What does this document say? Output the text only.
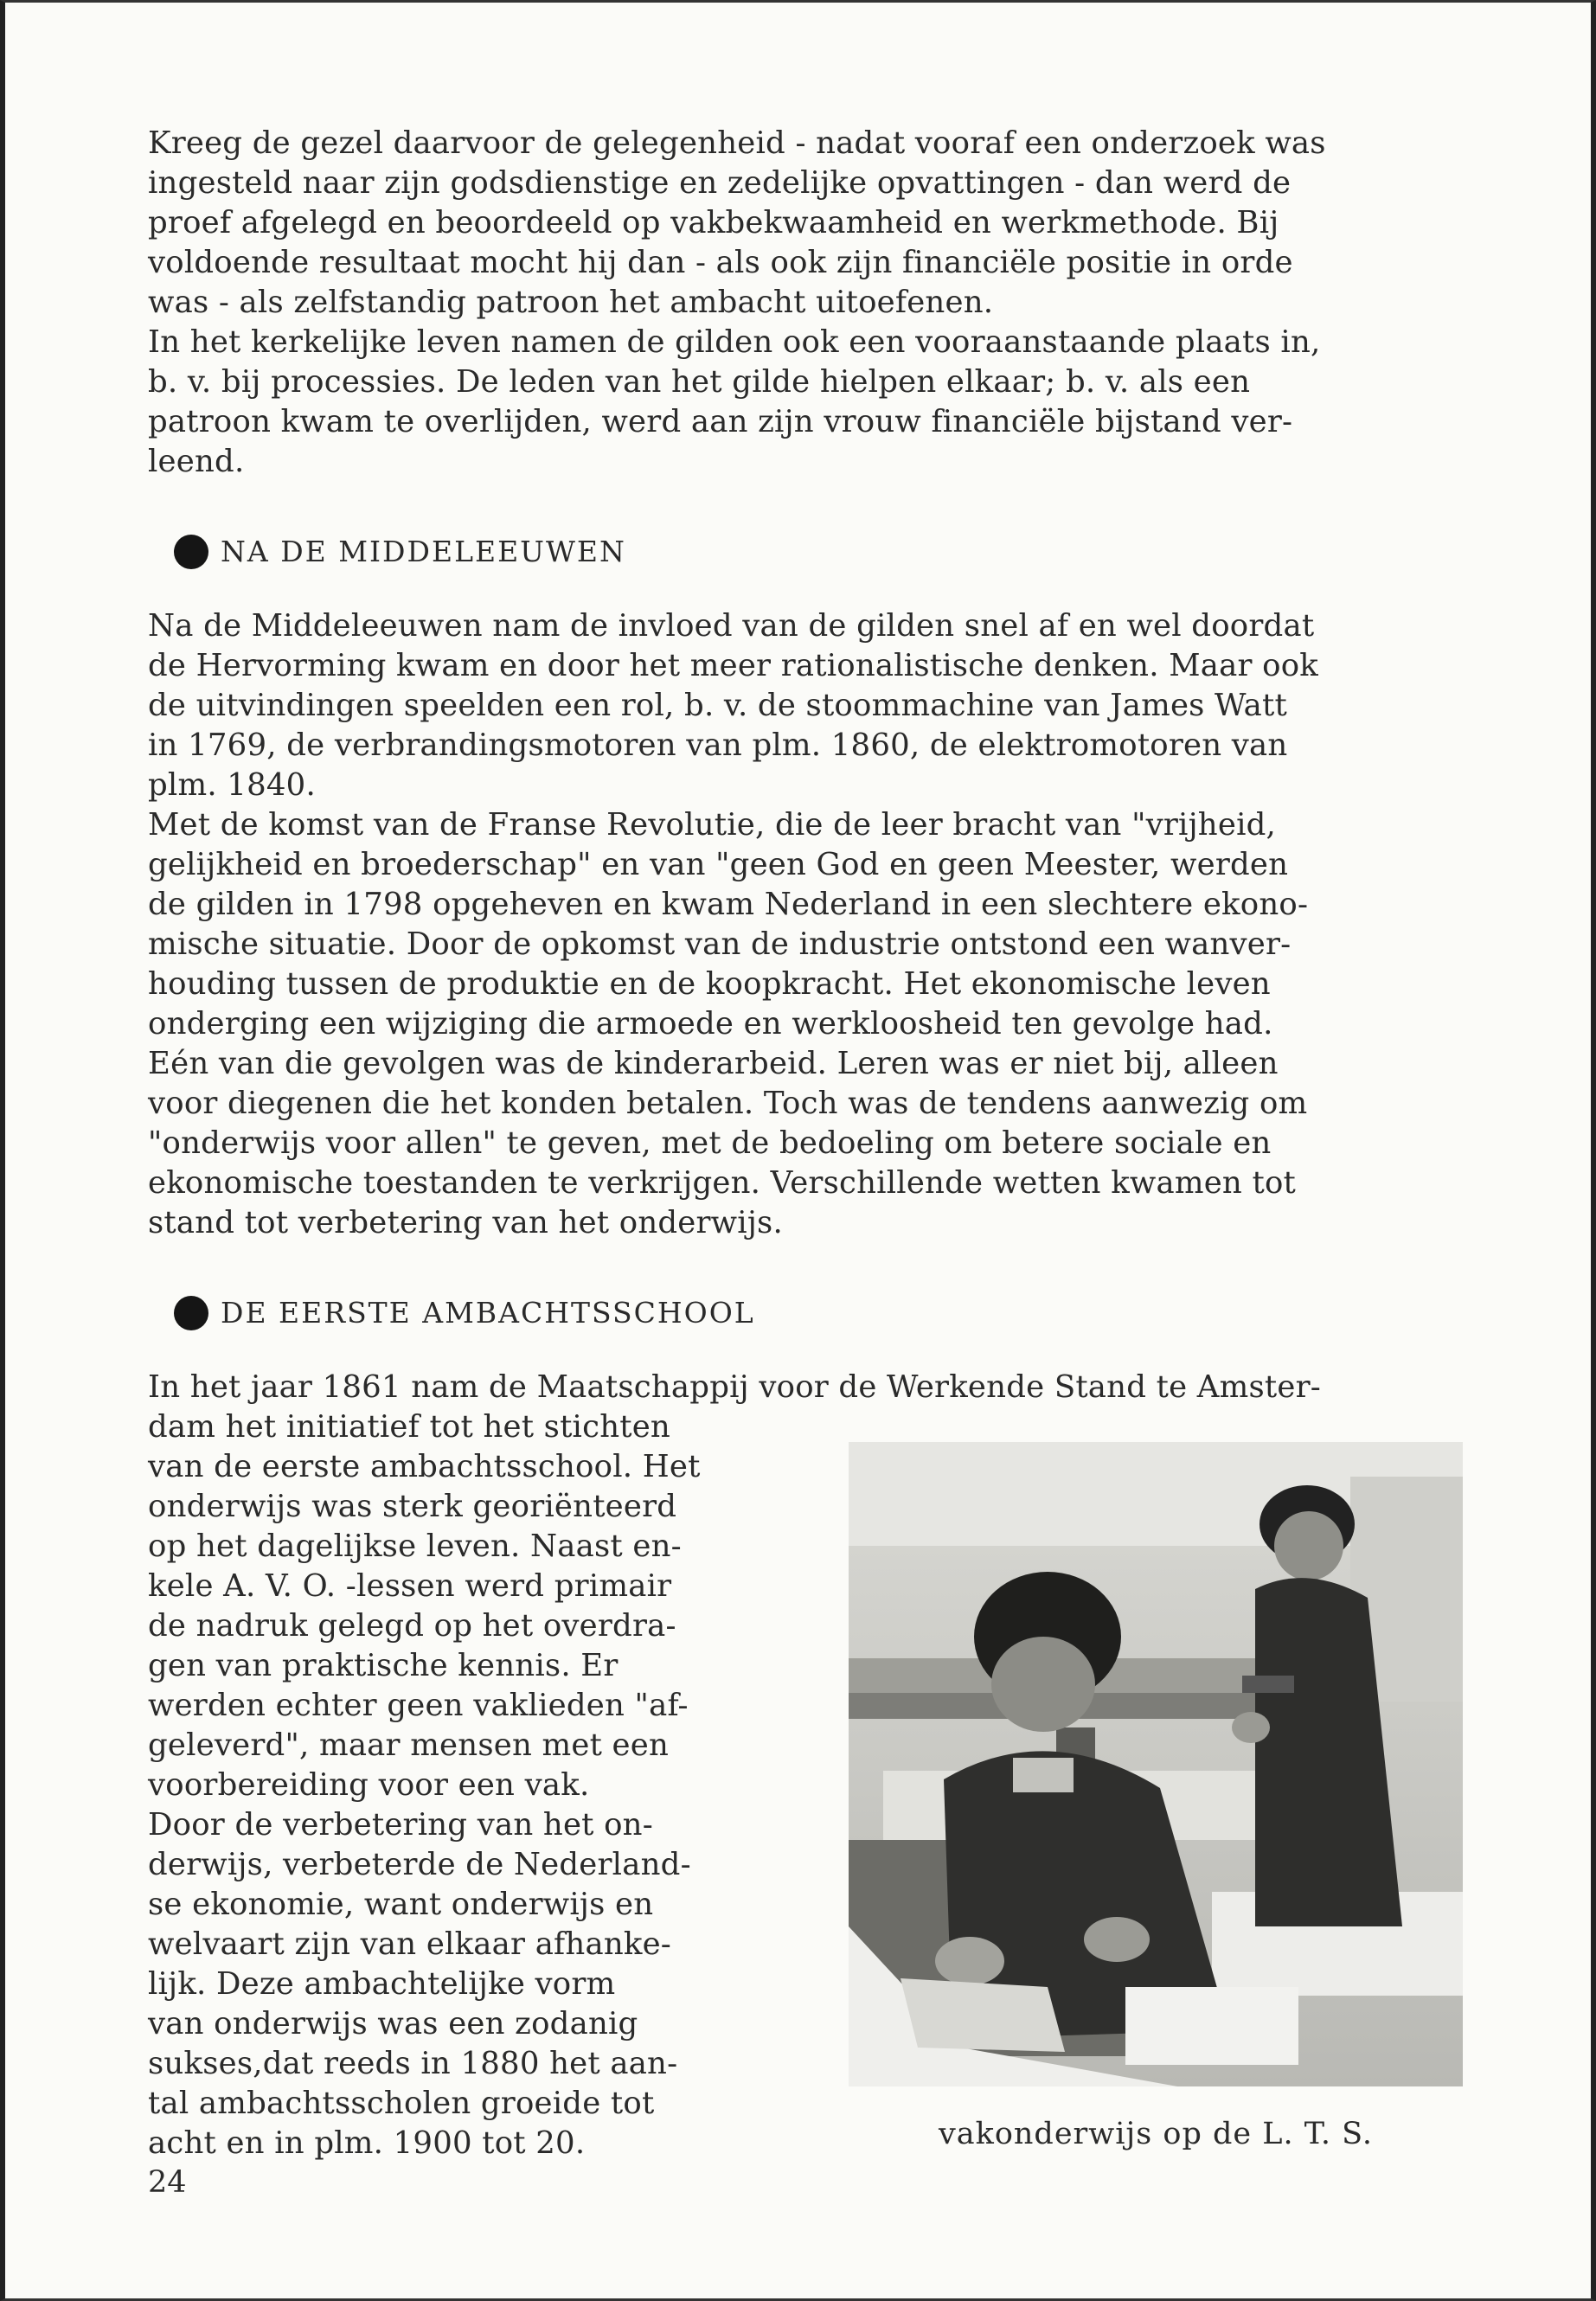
Kreeg de gezel daarvoor de gelegenheid - nadat vooraf een onderzoek was
ingesteld naar zijn godsdienstige en zedelijke opvattingen - dan werd de
proef afgelegd en beoordeeld op vakbekwaamheid en werkmethode. Bij
voldoende resultaat mocht hij dan - als ook zijn financiële positie in orde
was - als zelfstandig patroon het ambacht uitoefenen.
In het kerkelijke leven namen de gilden ook een vooraanstaande plaats in,
b. v. bij processies. De leden van het gilde hielpen elkaar; b. v. als een
patroon kwam te overlijden, werd aan zijn vrouw financiële bijstand ver-
leend.

NA DE MIDDELEEUWEN

Na de Middeleeuwen nam de invloed van de gilden snel af en wel doordat
de Hervorming kwam en door het meer rationalistische denken. Maar ook
de uitvindingen speelden een rol, b. v. de stoommachine van James Watt
in 1769, de verbrandingsmotoren van plm. 1860, de elektromotoren van
plm. 1840.
Met de komst van de Franse Revolutie, die de leer bracht van "vrijheid,
gelijkheid en broederschap" en van "geen God en geen Meester, werden
de gilden in 1798 opgeheven en kwam Nederland in een slechtere ekono-
mische situatie. Door de opkomst van de industrie ontstond een wanver-
houding tussen de produktie en de koopkracht. Het ekonomische leven
onderging een wijziging die armoede en werkloosheid ten gevolge had.
Eén van die gevolgen was de kinderarbeid. Leren was er niet bij, alleen
voor diegenen die het konden betalen. Toch was de tendens aanwezig om
"onderwijs voor allen" te geven, met de bedoeling om betere sociale en
ekonomische toestanden te verkrijgen. Verschillende wetten kwamen tot
stand tot verbetering van het onderwijs.

DE EERSTE AMBACHTSSCHOOL

In het jaar 1861 nam de Maatschappij voor de Werkende Stand te Amster-

dam het initiatief tot het stichten
van de eerste ambachtsschool. Het
onderwijs was sterk georiënteerd
op het dagelijkse leven. Naast en-
kele A. V. O. -lessen werd primair
de nadruk gelegd op het overdra-
gen van praktische kennis. Er
werden echter geen vaklieden "af-
geleverd", maar mensen met een
voorbereiding voor een vak.
Door de verbetering van het on-
derwijs, verbeterde de Nederland-
se ekonomie, want onderwijs en
welvaart zijn van elkaar afhanke-
lijk. Deze ambachtelijke vorm
van onderwijs was een zodanig
sukses,dat reeds in 1880 het aan-
tal ambachtsscholen groeide tot
acht en in plm. 1900 tot 20.	vakonderwijs op de L. T. S.
24
